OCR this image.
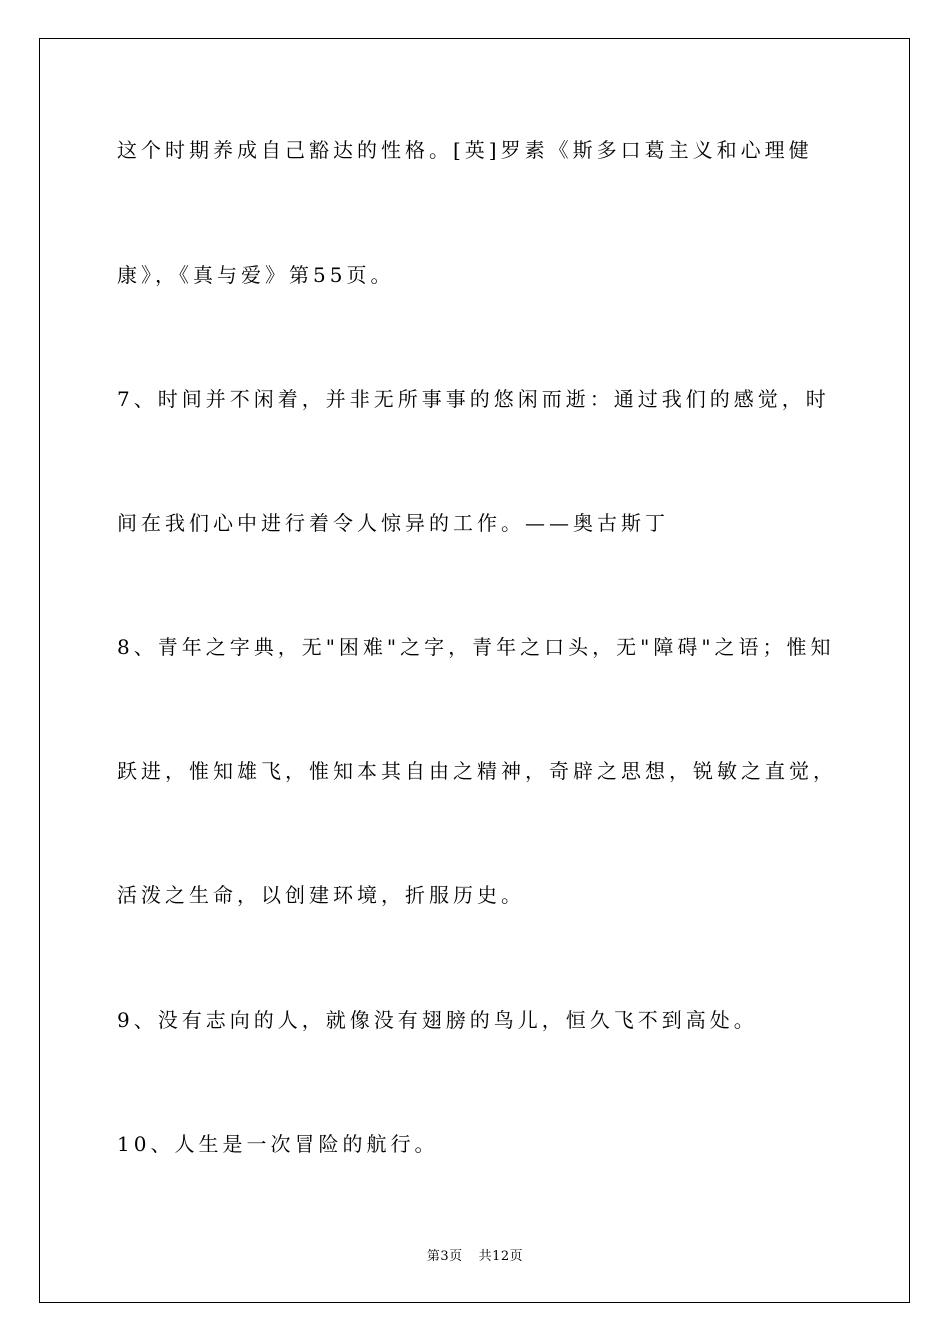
这个时期养成自己豁达的性格。[英]罗素《斯多口葛主义和心理健
康》，《真与爱》第55页。
7、时间并不闲着，并非无所事事的悠闲而逝：通过我们的感觉，时
间在我们心中进行着令人惊异的工作。——奥古斯丁
8、青年之字典，无"困难"之字，青年之口头，无"障碍"之语；惟知
跃进，惟知雄飞，惟知本其自由之精神，奇辟之思想，锐敏之直觉，
活泼之生命，以创建环境，折服历史。
9、没有志向的人，就像没有翅膀的鸟儿，恒久飞不到高处。
10、人生是一次冒险的航行。
第3页 共12页
